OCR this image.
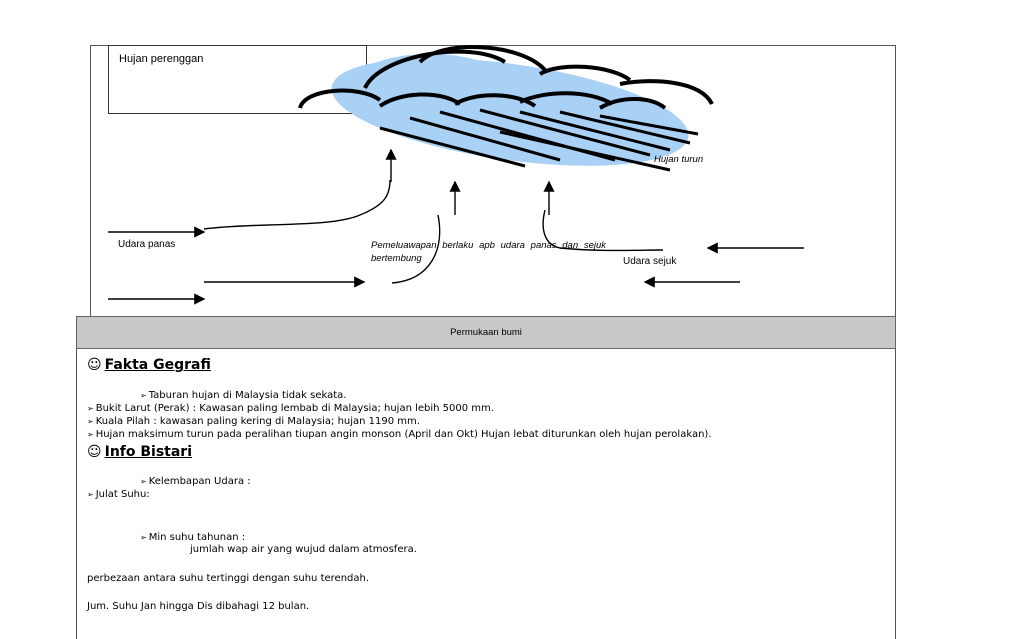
Hujan perenggan
Udara panas	Pemeluawapan berlaku apb udara panas dan sejuk bertembung	Udara sejuk
Hujan turun
Permukaan bumi
☺ Fakta Gegrafi
➢ Taburan hujan di Malaysia tidak sekata.
➢ Bukit Larut (Perak) : Kawasan paling lembab di Malaysia; hujan lebih 5000 mm.
➢ Kuala Pilah : kawasan paling kering di Malaysia; hujan 1190 mm.
➢ Hujan maksimum turun pada peralihan tiupan angin monson (April dan Okt) Hujan lebat diturunkan oleh hujan perolakan).
☺ Info Bistari
➢ Kelembapan Udara :
➢ Julat Suhu:
➢ Min suhu tahunan :
jumlah wap air yang wujud dalam atmosfera.
perbezaan antara suhu tertinggi dengan suhu terendah.
Jum. Suhu Jan hingga Dis dibahagi 12 bulan.
